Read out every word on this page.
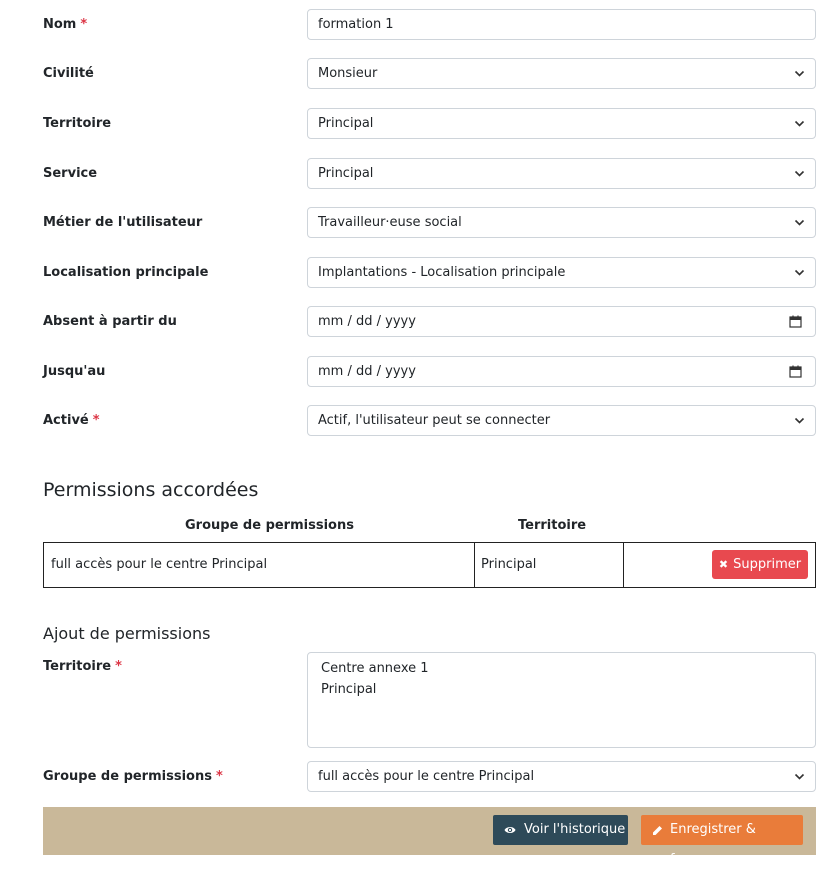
Nom *	formation 1
Civilité	Monsieur
Territoire	Principal
Service	Principal
Métier de l'utilisateur	Travailleur·euse social
Localisation principale	Implantations - Localisation principale
Absent à partir du	mm / dd / yyyy
Jusqu'au	mm / dd / yyyy
Activé *	Actif, l'utilisateur peut se connecter
Permissions accordées
Groupe de permissions	Territoire
full accès pour le centre Principal	Principal	✖ Supprimer
Ajout de permissions
Territoire *	Centre annexe 1
Principal
Groupe de permissions *	full accès pour le centre Principal
Voir l'historique	Enregistrer & fermer
